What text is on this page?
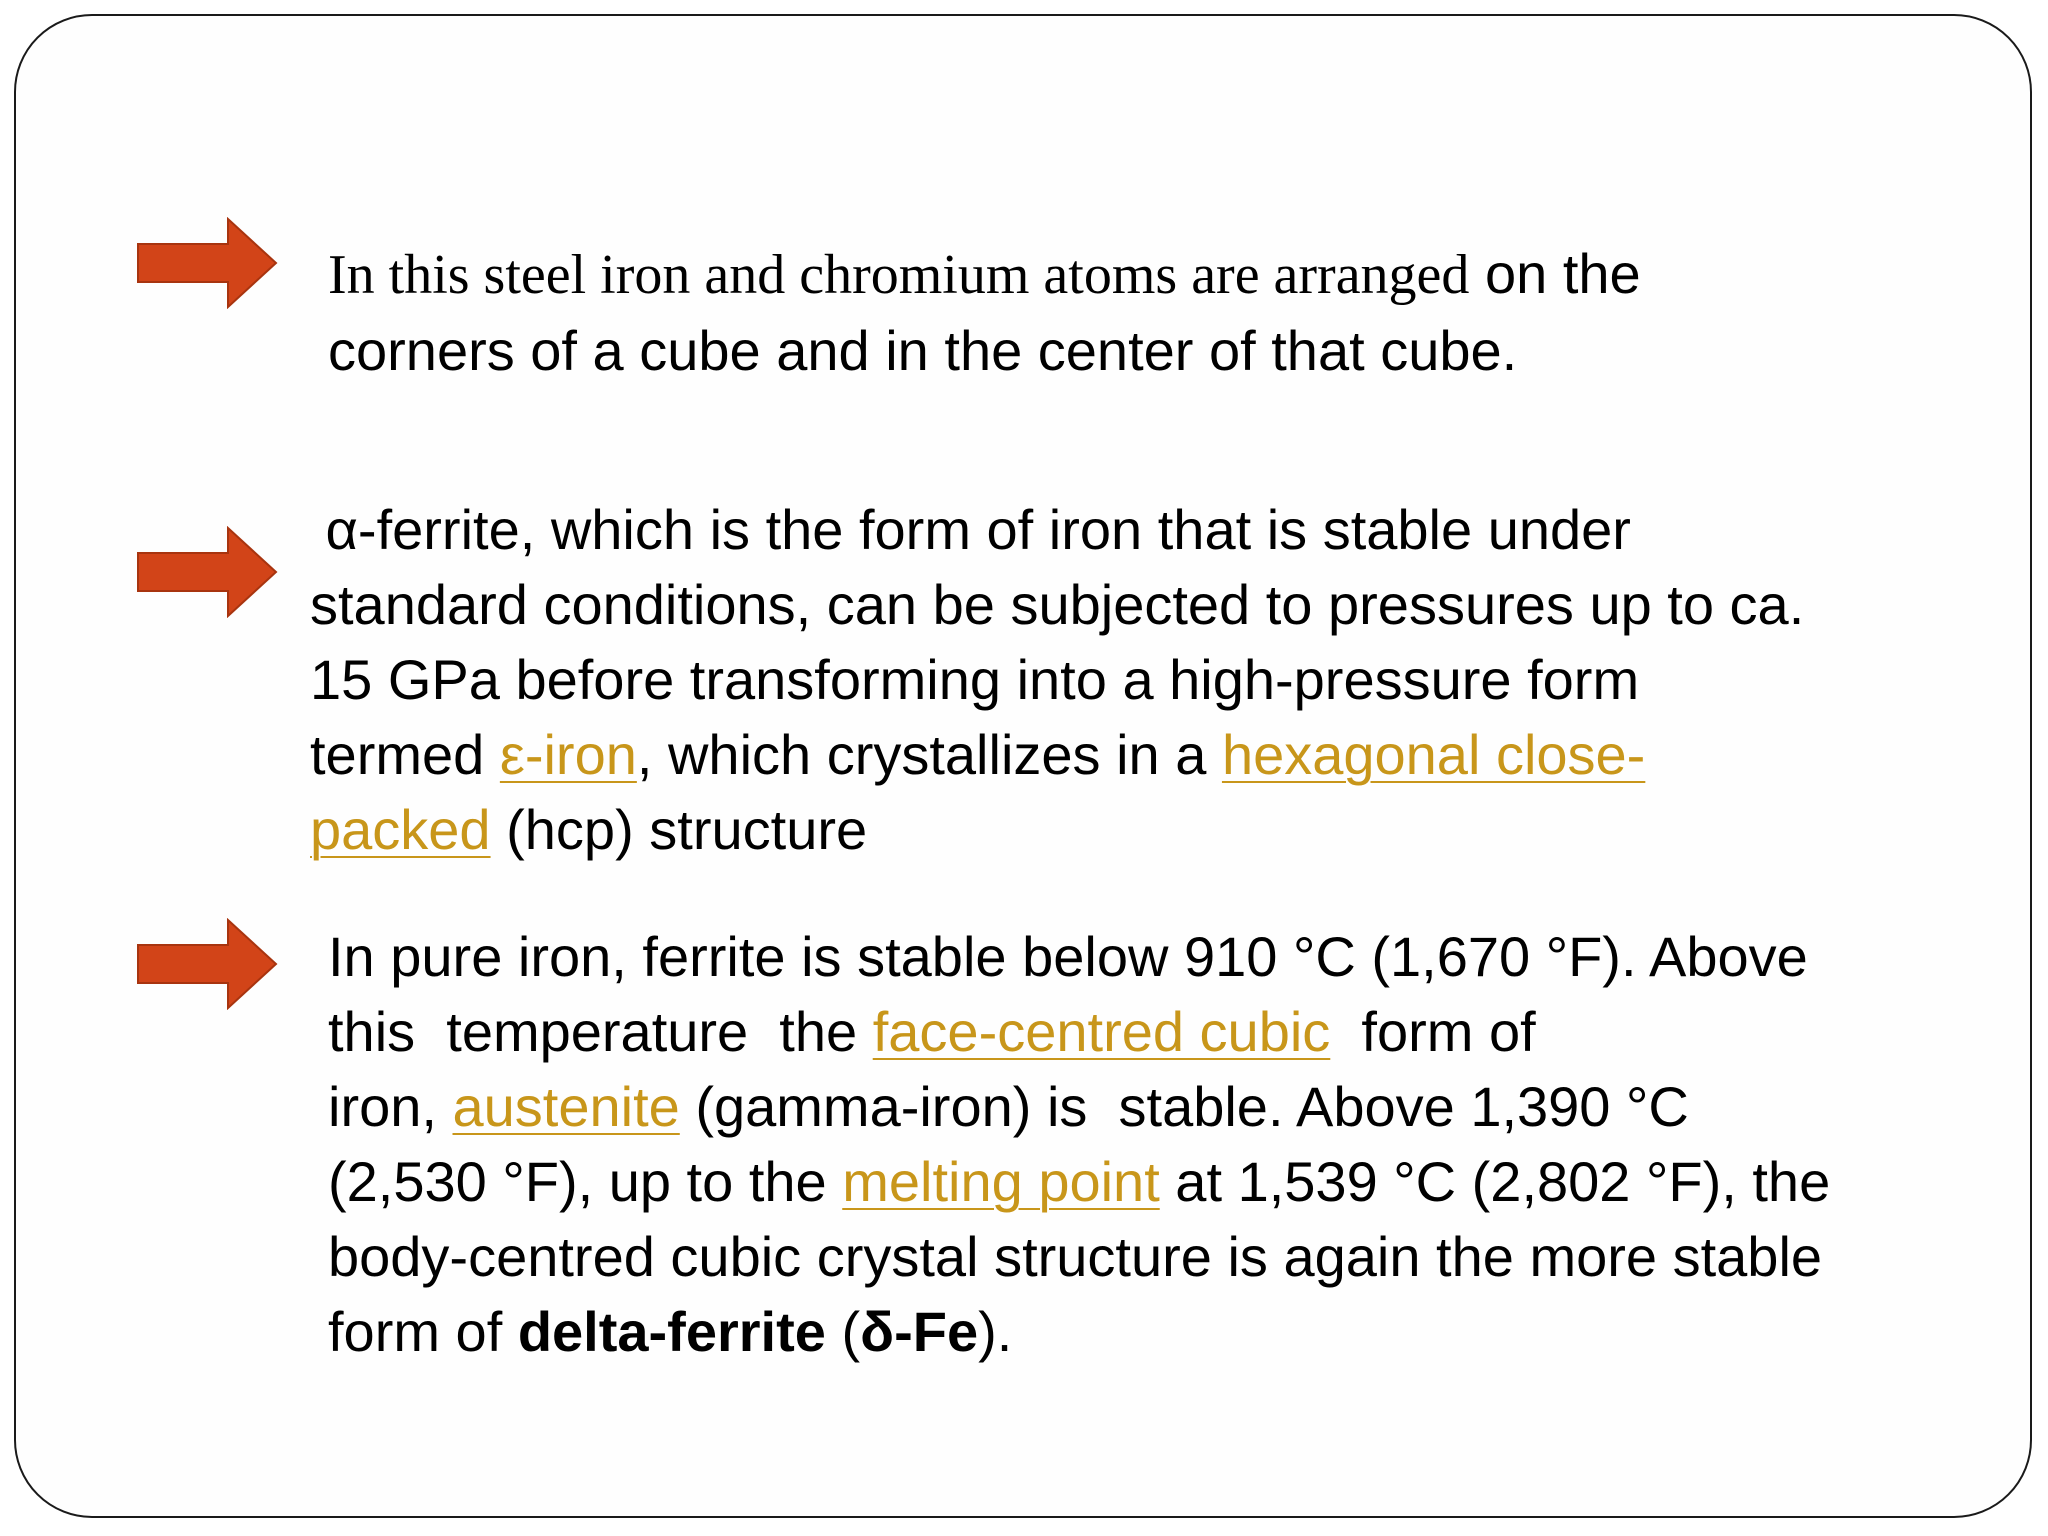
In this steel iron and chromium atoms are arranged on the
corners of a cube and in the center of that cube.

α-ferrite, which is the form of iron that is stable under
standard conditions, can be subjected to pressures up to ca.
15 GPa before transforming into a high-pressure form
termed ε-iron, which crystallizes in a hexagonal close-
packed (hcp) structure

In pure iron, ferrite is stable below 910 °C (1,670 °F). Above
this  temperature  the face-centred cubic  form of
iron, austenite (gamma-iron) is  stable. Above 1,390 °C
(2,530 °F), up to the melting point at 1,539 °C (2,802 °F), the
body-centred cubic crystal structure is again the more stable
form of delta-ferrite (δ-Fe).
